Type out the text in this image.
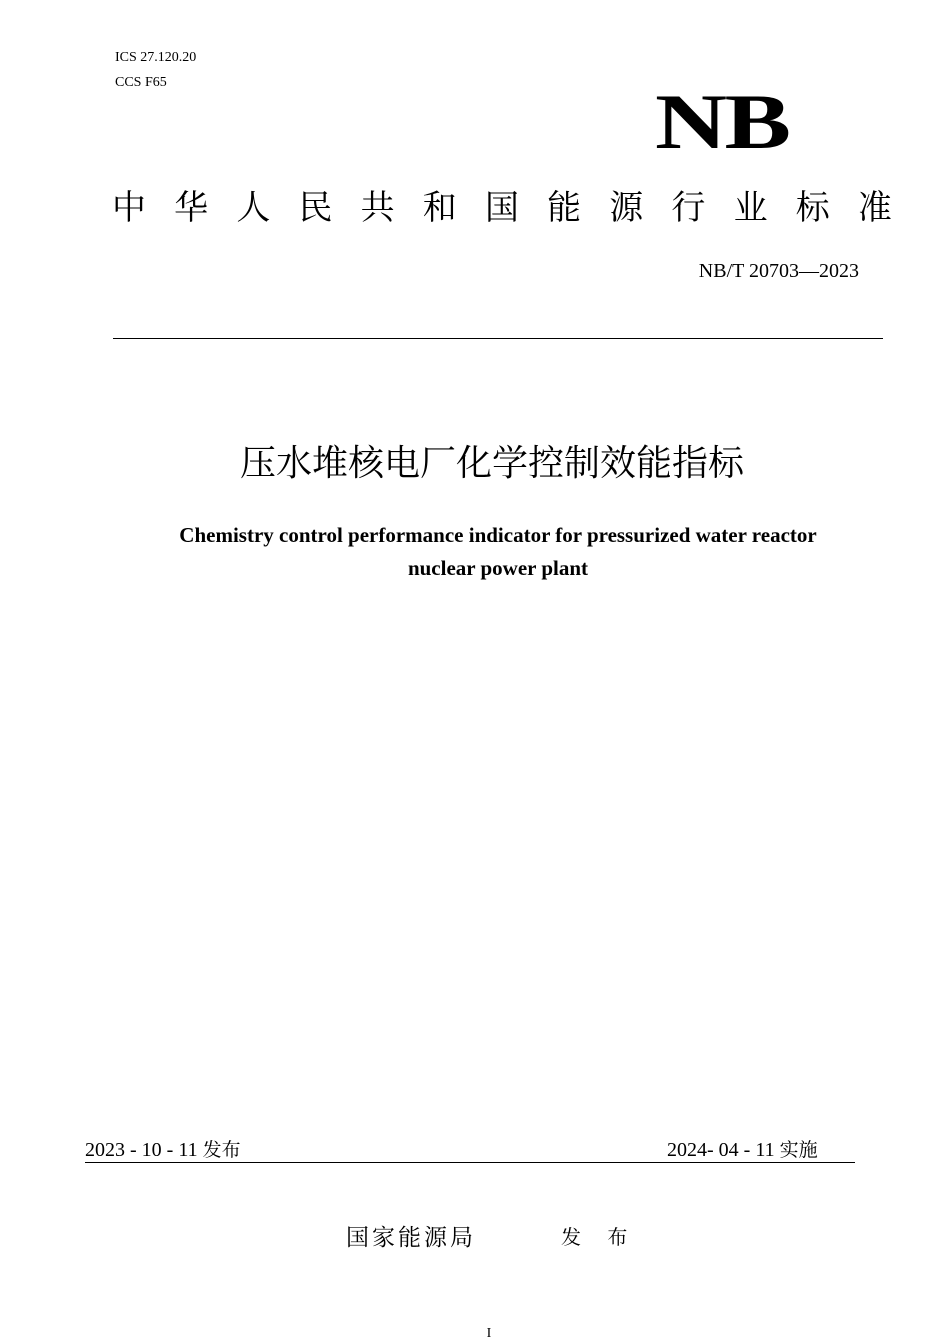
ICS 27.120.20
CCS F65	NB
中 华 人 民 共 和 国 能 源 行 业 标 准
NB/T 20703—2023
压水堆核电厂化学控制效能指标
Chemistry control performance indicator for pressurized water reactor
nuclear power plant
2023 - 10 - 11 发布	2024- 04 - 11 实施
国家能源局	发 布
I
